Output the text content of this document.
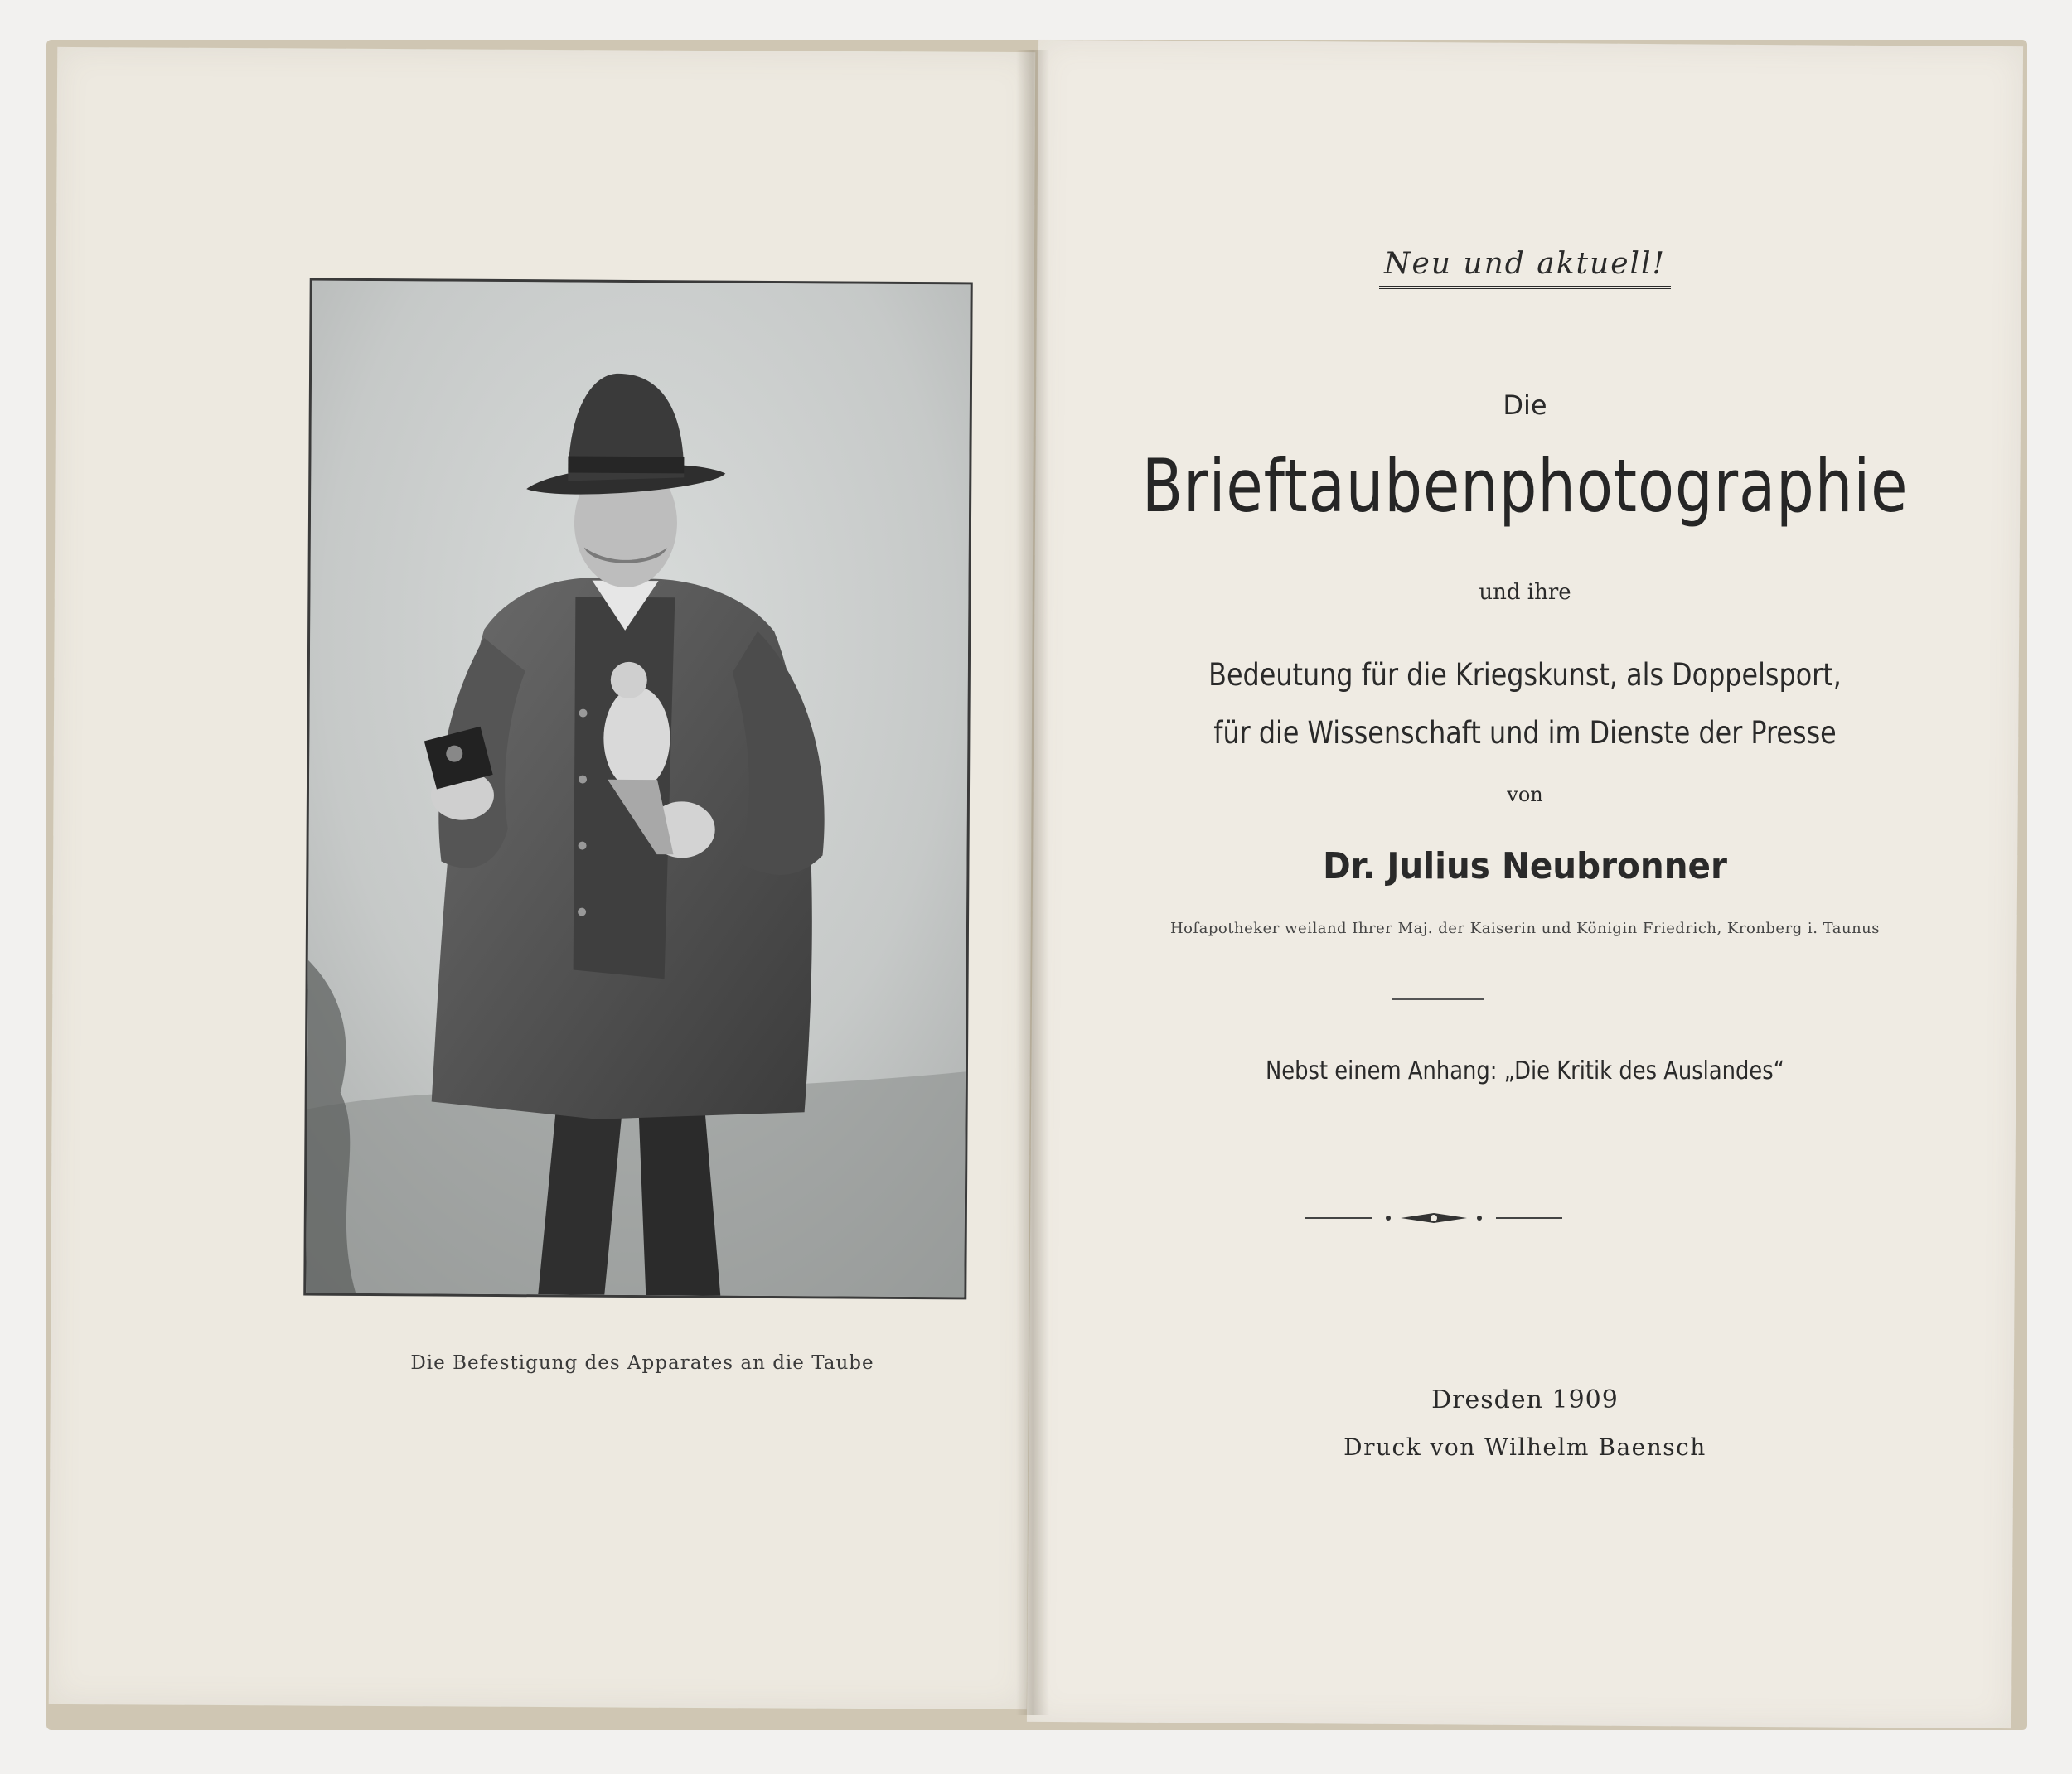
Die Befestigung des Apparates an die Taube
Neu und aktuell!
Die
Brieftaubenphotographie
und ihre
Bedeutung für die Kriegskunst, als Doppelsport,
für die Wissenschaft und im Dienste der Presse
von
Dr. Julius Neubronner
Hofapotheker weiland Ihrer Maj. der Kaiserin und Königin Friedrich, Kronberg i. Taunus
Nebst einem Anhang: „Die Kritik des Auslandes“
Dresden 1909
Druck von Wilhelm Baensch
